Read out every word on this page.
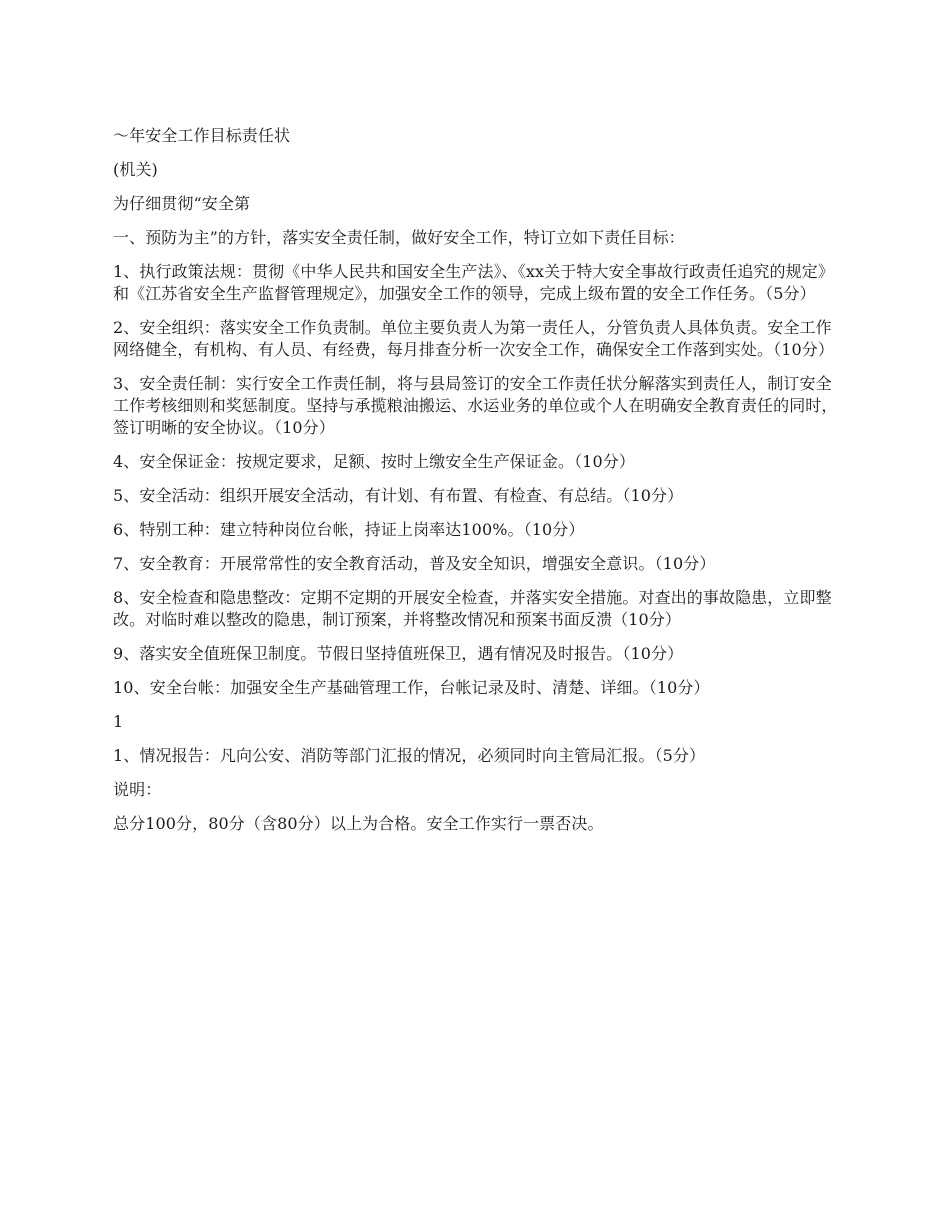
～年安全工作目标责任状

(机关)

为仔细贯彻“安全第

一、预防为主”的方针，落实安全责任制，做好安全工作，特订立如下责任目标：

1、执行政策法规：贯彻《中华人民共和国安全生产法》、《xx关于特大安全事故行政责任追究的规定》和《江苏省安全生产监督管理规定》，加强安全工作的领导，完成上级布置的安全工作任务。（5分）

2、安全组织：落实安全工作负责制。单位主要负责人为第一责任人，分管负责人具体负责。安全工作网络健全，有机构、有人员、有经费，每月排查分析一次安全工作，确保安全工作落到实处。（10分）

3、安全责任制：实行安全工作责任制，将与县局签订的安全工作责任状分解落实到责任人，制订安全工作考核细则和奖惩制度。坚持与承揽粮油搬运、水运业务的单位或个人在明确安全教育责任的同时，签订明晰的安全协议。（10分）

4、安全保证金：按规定要求，足额、按时上缴安全生产保证金。（10分）

5、安全活动：组织开展安全活动，有计划、有布置、有检查、有总结。（10分）

6、特别工种：建立特种岗位台帐，持证上岗率达100%。（10分）

7、安全教育：开展常常性的安全教育活动，普及安全知识，增强安全意识。（10分）

8、安全检查和隐患整改：定期不定期的开展安全检查，并落实安全措施。对查出的事故隐患，立即整改。对临时难以整改的隐患，制订预案，并将整改情况和预案书面反溃（10分）

9、落实安全值班保卫制度。节假日坚持值班保卫，遇有情况及时报告。（10分）

10、安全台帐：加强安全生产基础管理工作，台帐记录及时、清楚、详细。（10分）

1

1、情况报告：凡向公安、消防等部门汇报的情况，必须同时向主管局汇报。（5分）

说明：

总分100分，80分（含80分）以上为合格。安全工作实行一票否决。
